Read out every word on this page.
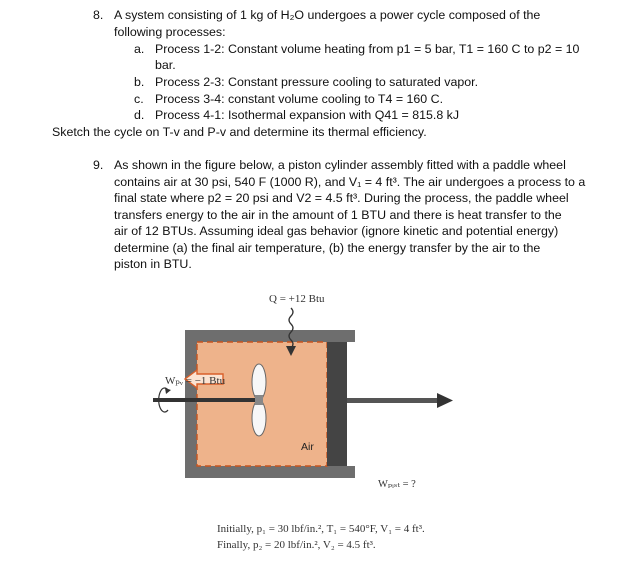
8. A system consisting of 1 kg of H₂O undergoes a power cycle composed of the
following processes:
a. Process 1-2: Constant volume heating from p1 = 5 bar, T1 = 160 C to p2 = 10
bar.
b. Process 2-3: Constant pressure cooling to saturated vapor.
c. Process 3-4: constant volume cooling to T4 = 160 C.
d. Process 4-1: Isothermal expansion with Q41 = 815.8 kJ
Sketch the cycle on T-v and P-v and determine its thermal efficiency.
9. As shown in the figure below, a piston cylinder assembly fitted with a paddle wheel
contains air at 30 psi, 540 F (1000 R), and V₁ = 4 ft³. The air undergoes a process to a
final state where p2 = 20 psi and V2 = 4.5 ft³. During the process, the paddle wheel
transfers energy to the air in the amount of 1 BTU and there is heat transfer to the
air of 12 BTUs. Assuming ideal gas behavior (ignore kinetic and potential energy)
determine (a) the final air temperature, (b) the energy transfer by the air to the
piston in BTU.
Q = +12 Btu
Wₚᵥ = −1 Btu
Air
Wₚᵢₛₜ = ?
Initially, p₁ = 30 lbf/in.², T₁ = 540°F, V₁ = 4 ft³.
Finally, p₂ = 20 lbf/in.², V₂ = 4.5 ft³.
